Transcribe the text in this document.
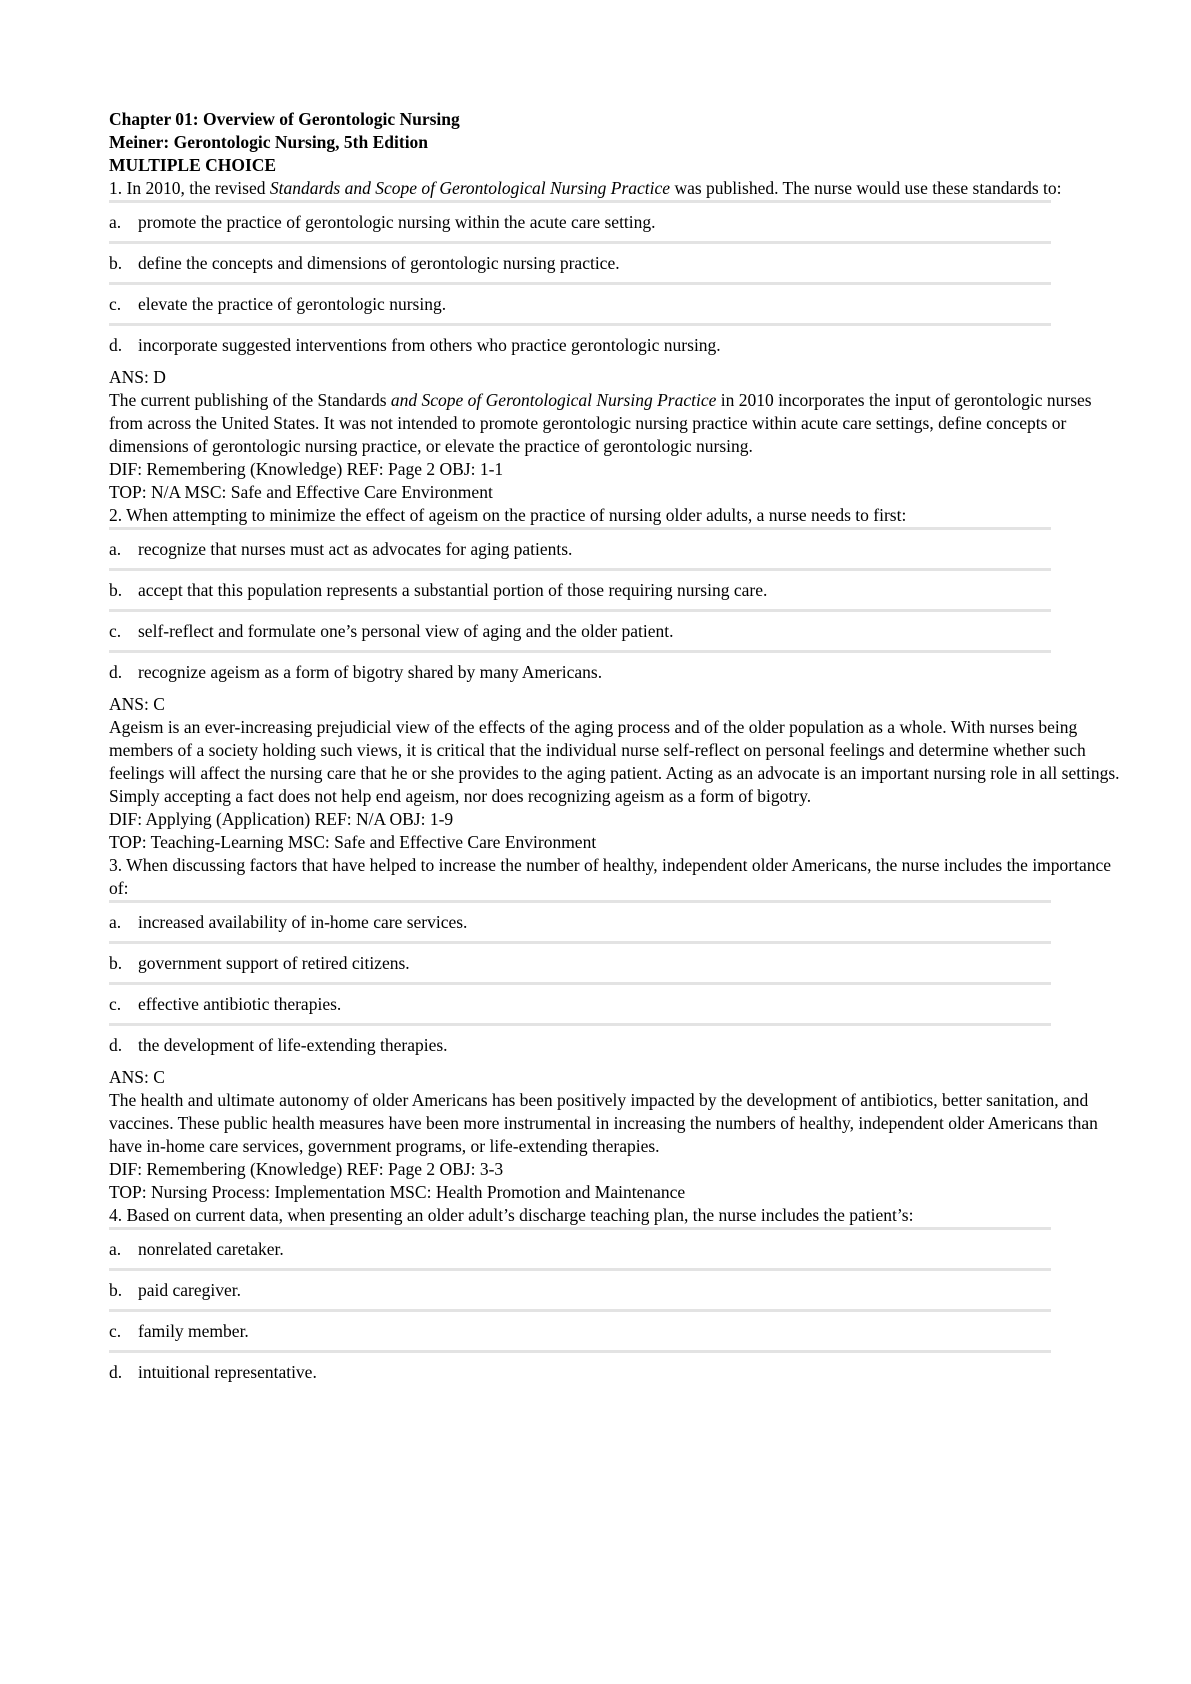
Chapter 01: Overview of Gerontologic Nursing

Meiner: Gerontologic Nursing, 5th Edition

MULTIPLE CHOICE

1. In 2010, the revised Standards and Scope of Gerontological Nursing Practice was published. The nurse would use these standards to:

a. promote the practice of gerontologic nursing within the acute care setting.
b. define the concepts and dimensions of gerontologic nursing practice.
c. elevate the practice of gerontologic nursing.
d. incorporate suggested interventions from others who practice gerontologic nursing.

ANS: D

The current publishing of the Standards and Scope of Gerontological Nursing Practice in 2010 incorporates the input of gerontologic nurses from across the United States. It was not intended to promote gerontologic nursing practice within acute care settings, define concepts or dimensions of gerontologic nursing practice, or elevate the practice of gerontologic nursing.

DIF: Remembering (Knowledge) REF: Page 2 OBJ: 1-1

TOP: N/A MSC: Safe and Effective Care Environment

2. When attempting to minimize the effect of ageism on the practice of nursing older adults, a nurse needs to first:

a. recognize that nurses must act as advocates for aging patients.
b. accept that this population represents a substantial portion of those requiring nursing care.
c. self-reflect and formulate one’s personal view of aging and the older patient.
d. recognize ageism as a form of bigotry shared by many Americans.

ANS: C

Ageism is an ever-increasing prejudicial view of the effects of the aging process and of the older population as a whole. With nurses being members of a society holding such views, it is critical that the individual nurse self-reflect on personal feelings and determine whether such feelings will affect the nursing care that he or she provides to the aging patient. Acting as an advocate is an important nursing role in all settings. Simply accepting a fact does not help end ageism, nor does recognizing ageism as a form of bigotry.

DIF: Applying (Application) REF: N/A OBJ: 1-9

TOP: Teaching-Learning MSC: Safe and Effective Care Environment

3. When discussing factors that have helped to increase the number of healthy, independent older Americans, the nurse includes the importance of:

a. increased availability of in-home care services.
b. government support of retired citizens.
c. effective antibiotic therapies.
d. the development of life-extending therapies.

ANS: C

The health and ultimate autonomy of older Americans has been positively impacted by the development of antibiotics, better sanitation, and vaccines. These public health measures have been more instrumental in increasing the numbers of healthy, independent older Americans than have in-home care services, government programs, or life-extending therapies.

DIF: Remembering (Knowledge) REF: Page 2 OBJ: 3-3

TOP: Nursing Process: Implementation MSC: Health Promotion and Maintenance

4. Based on current data, when presenting an older adult’s discharge teaching plan, the nurse includes the patient’s:

a. nonrelated caretaker.
b. paid caregiver.
c. family member.
d. intuitional representative.
